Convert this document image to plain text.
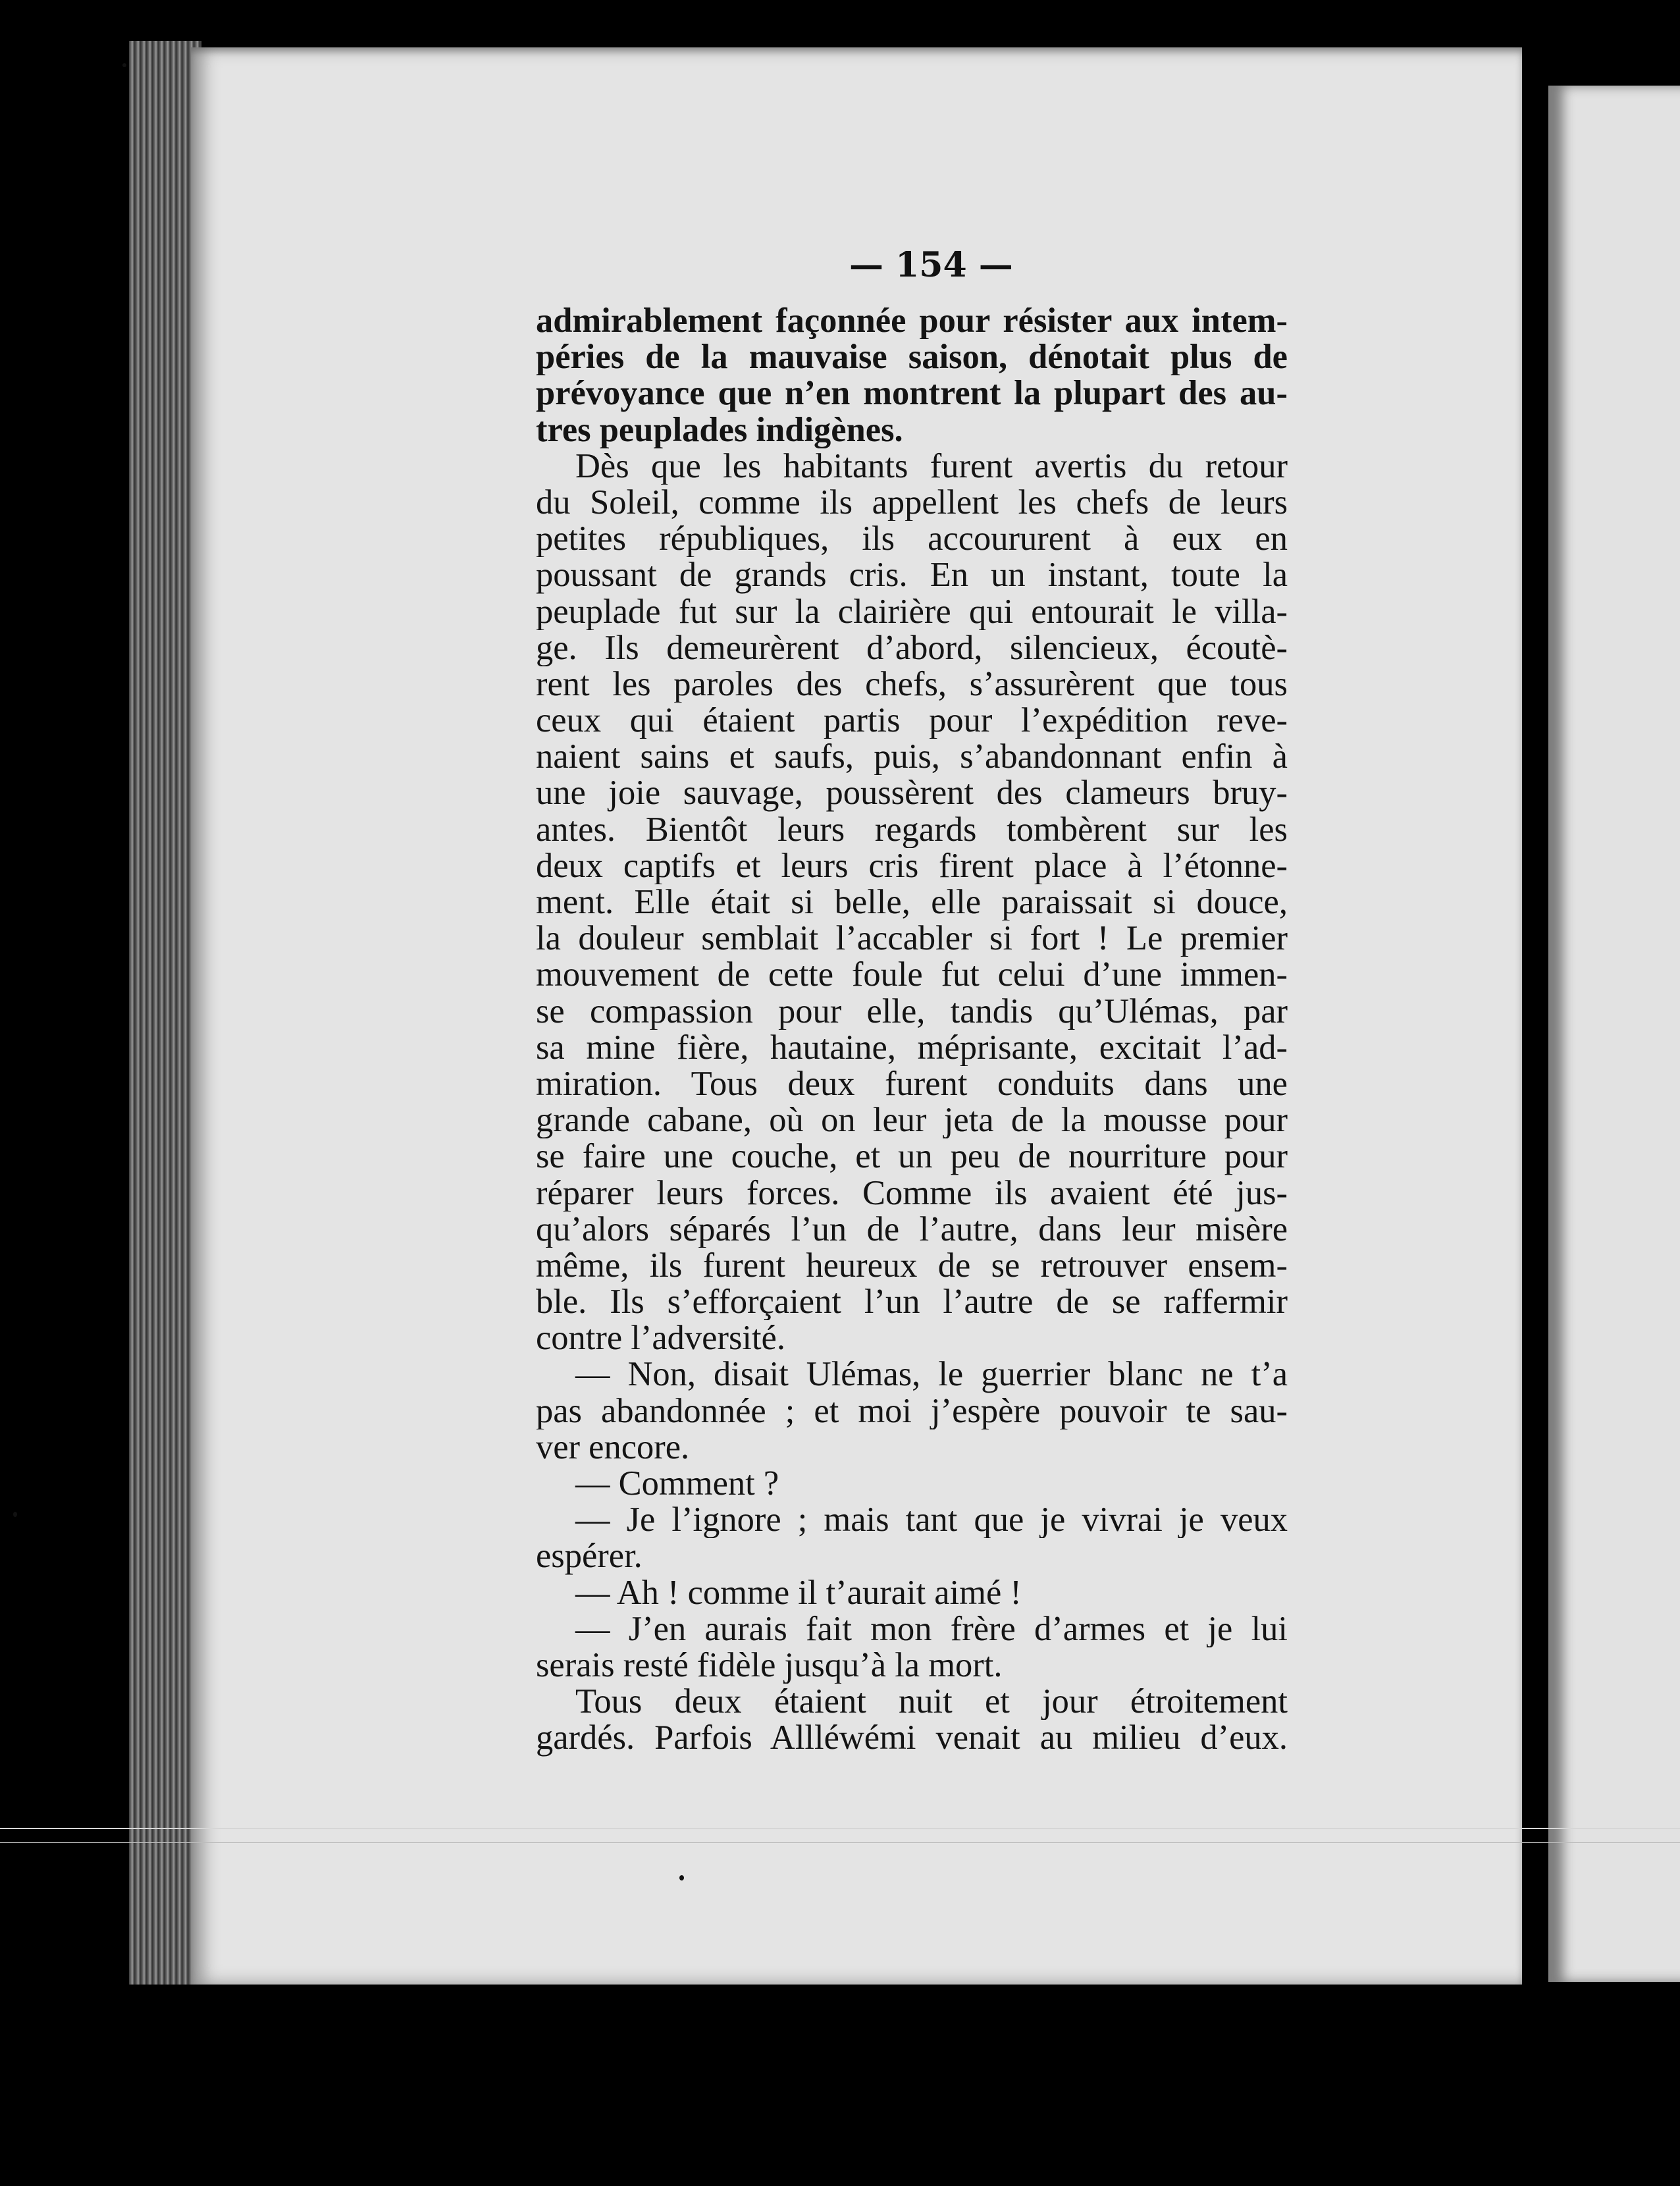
— 154 —
admirablement façonnée pour résister aux intem-
péries de la mauvaise saison, dénotait plus de
prévoyance que n’en montrent la plupart des au-
tres peuplades indigènes.
Dès que les habitants furent avertis du retour
du Soleil, comme ils appellent les chefs de leurs
petites républiques, ils accoururent à eux en
poussant de grands cris. En un instant, toute la
peuplade fut sur la clairière qui entourait le villa-
ge. Ils demeurèrent d’abord, silencieux, écoutè-
rent les paroles des chefs, s’assurèrent que tous
ceux qui étaient partis pour l’expédition reve-
naient sains et saufs, puis, s’abandonnant enfin à
une joie sauvage, poussèrent des clameurs bruy-
antes. Bientôt leurs regards tombèrent sur les
deux captifs et leurs cris firent place à l’étonne-
ment. Elle était si belle, elle paraissait si douce,
la douleur semblait l’accabler si fort ! Le premier
mouvement de cette foule fut celui d’une immen-
se compassion pour elle, tandis qu’Ulémas, par
sa mine fière, hautaine, méprisante, excitait l’ad-
miration. Tous deux furent conduits dans une
grande cabane, où on leur jeta de la mousse pour
se faire une couche, et un peu de nourriture pour
réparer leurs forces. Comme ils avaient été jus-
qu’alors séparés l’un de l’autre, dans leur misère
même, ils furent heureux de se retrouver ensem-
ble. Ils s’efforçaient l’un l’autre de se raffermir
contre l’adversité.
— Non, disait Ulémas, le guerrier blanc ne t’a
pas abandonnée ; et moi j’espère pouvoir te sau-
ver encore.
— Comment ?
— Je l’ignore ; mais tant que je vivrai je veux
espérer.
— Ah ! comme il t’aurait aimé !
— J’en aurais fait mon frère d’armes et je lui
serais resté fidèle jusqu’à la mort.
Tous deux étaient nuit et jour étroitement
gardés. Parfois Allléwémi venait au milieu d’eux.
